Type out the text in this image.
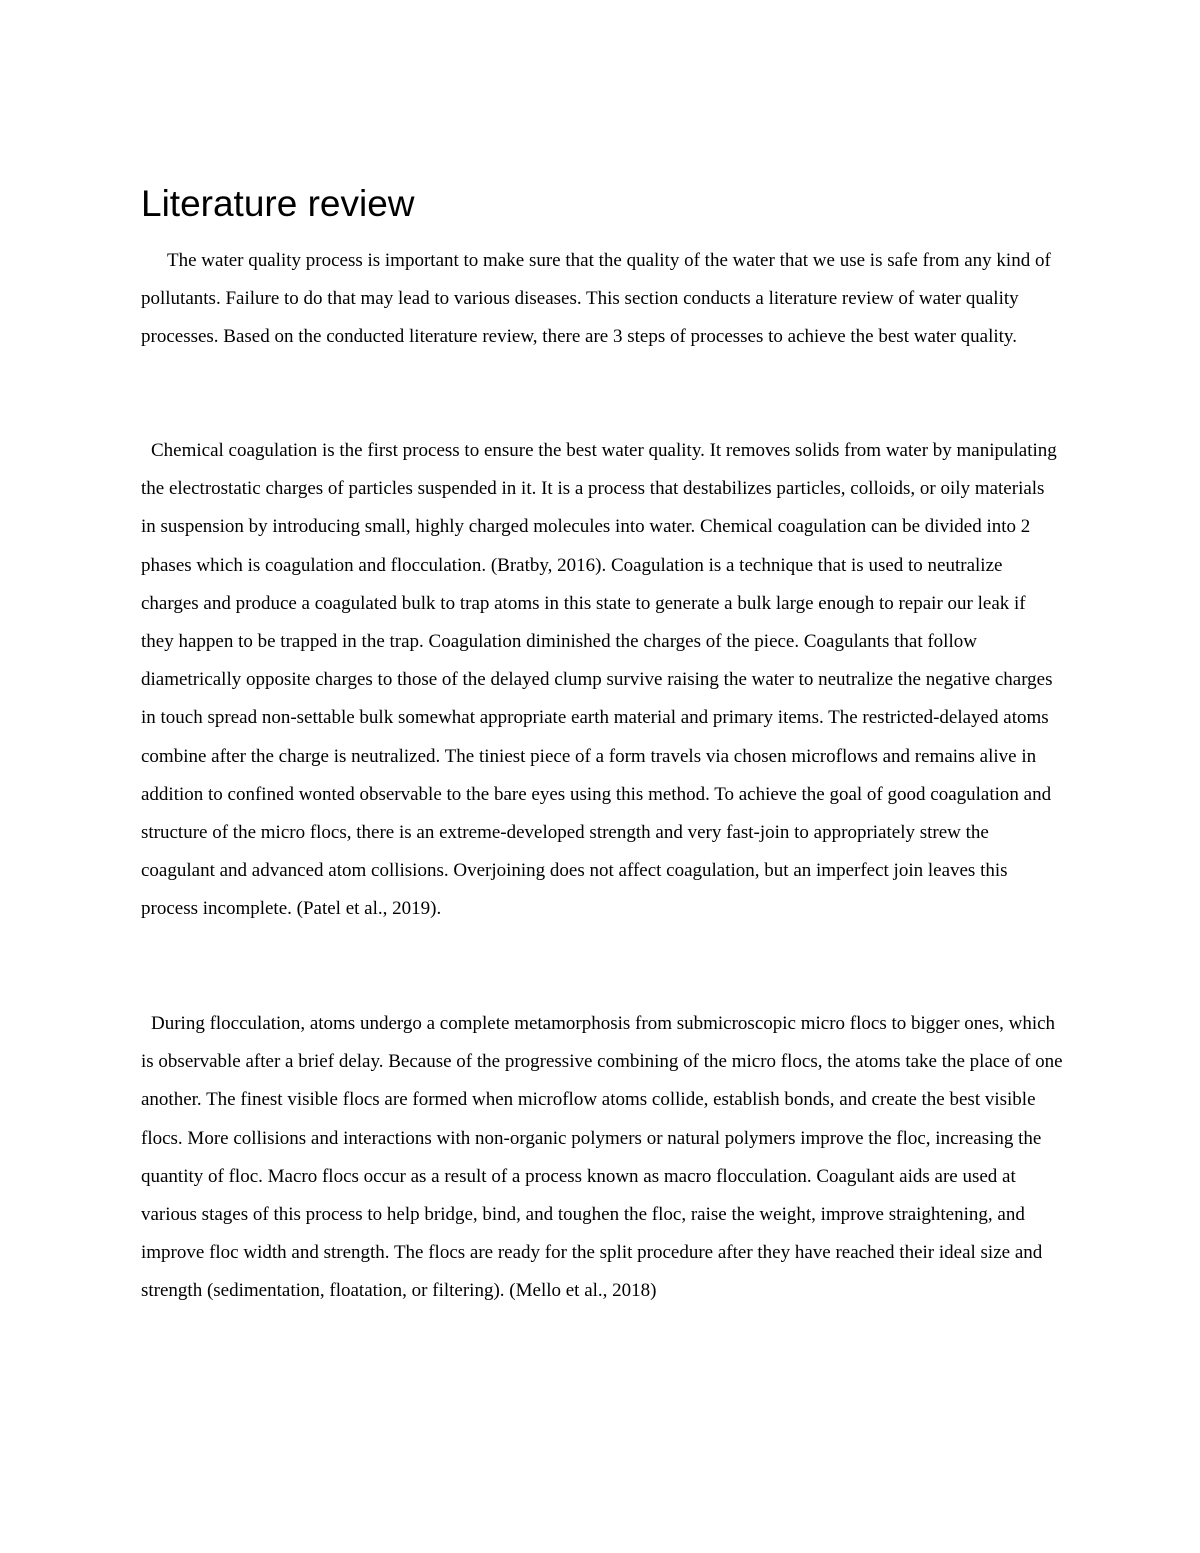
Literature review

The water quality process is important to make sure that the quality of the water that we use is safe from any kind of pollutants. Failure to do that may lead to various diseases. This section conducts a literature review of water quality processes. Based on the conducted literature review, there are 3 steps of processes to achieve the best water quality.

Chemical coagulation is the first process to ensure the best water quality. It removes solids from water by manipulating the electrostatic charges of particles suspended in it. It is a process that destabilizes particles, colloids, or oily materials in suspension by introducing small, highly charged molecules into water. Chemical coagulation can be divided into 2 phases which is coagulation and flocculation. (Bratby, 2016). Coagulation is a technique that is used to neutralize charges and produce a coagulated bulk to trap atoms in this state to generate a bulk large enough to repair our leak if they happen to be trapped in the trap. Coagulation diminished the charges of the piece. Coagulants that follow diametrically opposite charges to those of the delayed clump survive raising the water to neutralize the negative charges in touch spread non-settable bulk somewhat appropriate earth material and primary items. The restricted-delayed atoms combine after the charge is neutralized. The tiniest piece of a form travels via chosen microflows and remains alive in addition to confined wonted observable to the bare eyes using this method. To achieve the goal of good coagulation and structure of the micro flocs, there is an extreme-developed strength and very fast-join to appropriately strew the coagulant and advanced atom collisions. Overjoining does not affect coagulation, but an imperfect join leaves this process incomplete. (Patel et al., 2019).

During flocculation, atoms undergo a complete metamorphosis from submicroscopic micro flocs to bigger ones, which is observable after a brief delay. Because of the progressive combining of the micro flocs, the atoms take the place of one another. The finest visible flocs are formed when microflow atoms collide, establish bonds, and create the best visible flocs. More collisions and interactions with non-organic polymers or natural polymers improve the floc, increasing the quantity of floc. Macro flocs occur as a result of a process known as macro flocculation. Coagulant aids are used at various stages of this process to help bridge, bind, and toughen the floc, raise the weight, improve straightening, and improve floc width and strength. The flocs are ready for the split procedure after they have reached their ideal size and strength (sedimentation, floatation, or filtering). (Mello et al., 2018)
